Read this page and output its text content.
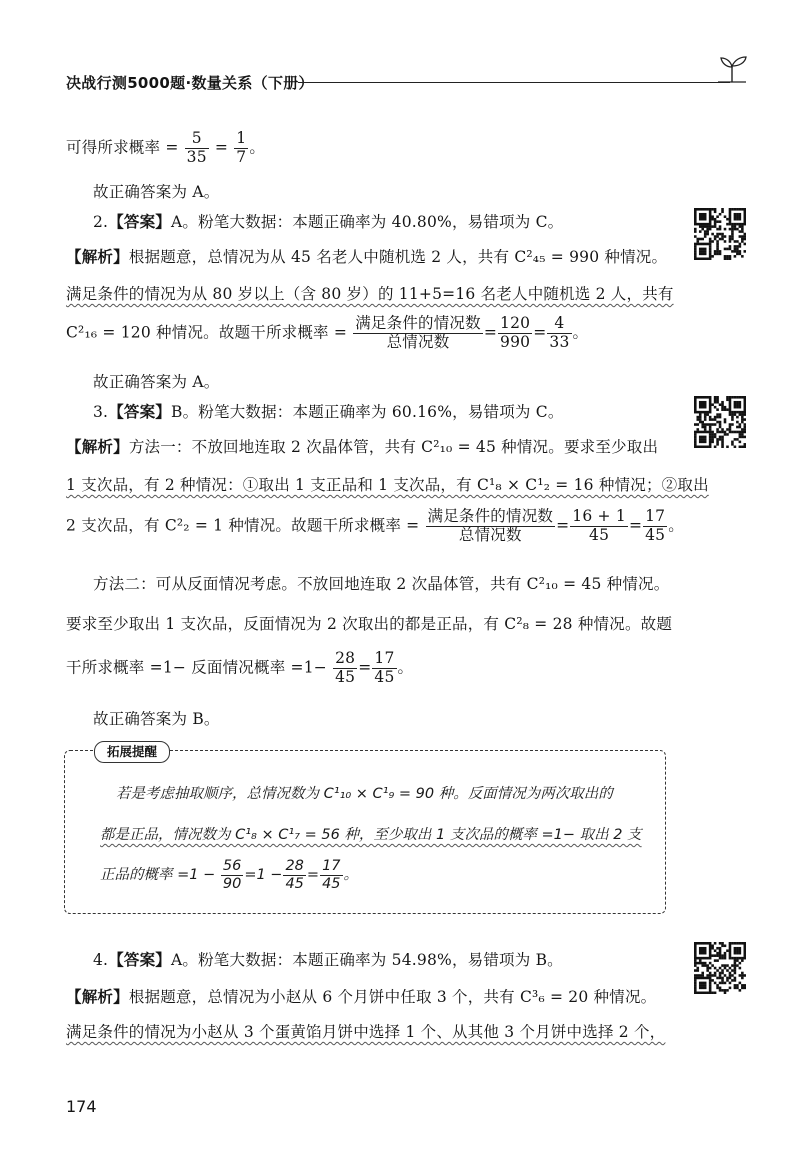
决战行测5000题·数量关系（下册）
可得所求概率 = $\frac{5}{35} = \frac{1}{7}$ 。
故正确答案为 A。
2.【答案】A。粉笔大数据：本题正确率为 40.80%，易错项为 C。
【解析】根据题意，总情况为从 45 名老人中随机选 2 人，共有 C²₄₅ = 990 种情况。
满足条件的情况为从 80 岁以上（含 80 岁）的 11+5=16 名老人中随机选 2 人，共有
C²₁₆ = 120 种情况。故题干所求概率 = $\frac{\text{满足条件的情况数}}{\text{总情况数}} = \frac{120}{990} = \frac{4}{33}$ 。
故正确答案为 A。
3.【答案】B。粉笔大数据：本题正确率为 60.16%，易错项为 C。
【解析】方法一：不放回地连取 2 次晶体管，共有 C²₁₀ = 45 种情况。要求至少取出
1 支次品，有 2 种情况：①取出 1 支正品和 1 支次品，有 C¹₈ × C¹₂ = 16 种情况；②取出
2 支次品，有 C²₂ = 1 种情况。故题干所求概率 = $\frac{\text{满足条件的情况数}}{\text{总情况数}} = \frac{16 + 1}{45} = \frac{17}{45}$ 。
方法二：可从反面情况考虑。不放回地连取 2 次晶体管，共有 C²₁₀ = 45 种情况。
要求至少取出 1 支次品，反面情况为 2 次取出的都是正品，有 C²₈ = 28 种情况。故题
干所求概率 =1− 反面情况概率 $=1- \frac{28}{45} = \frac{17}{45}$ 。
故正确答案为 B。
拓展提醒
若是考虑抽取顺序，总情况数为 C¹₁₀ × C¹₉ = 90 种。反面情况为两次取出的
都是正品，情况数为 C¹₈ × C¹₇ = 56 种，至少取出 1 支次品的概率 =1− 取出 2 支
正品的概率 $=1 - \frac{56}{90} =1 - \frac{28}{45} = \frac{17}{45}$ 。
4.【答案】A。粉笔大数据：本题正确率为 54.98%，易错项为 B。
【解析】根据题意，总情况为小赵从 6 个月饼中任取 3 个，共有 C³₆ = 20 种情况。
满足条件的情况为小赵从 3 个蛋黄馅月饼中选择 1 个、从其他 3 个月饼中选择 2 个，
174
